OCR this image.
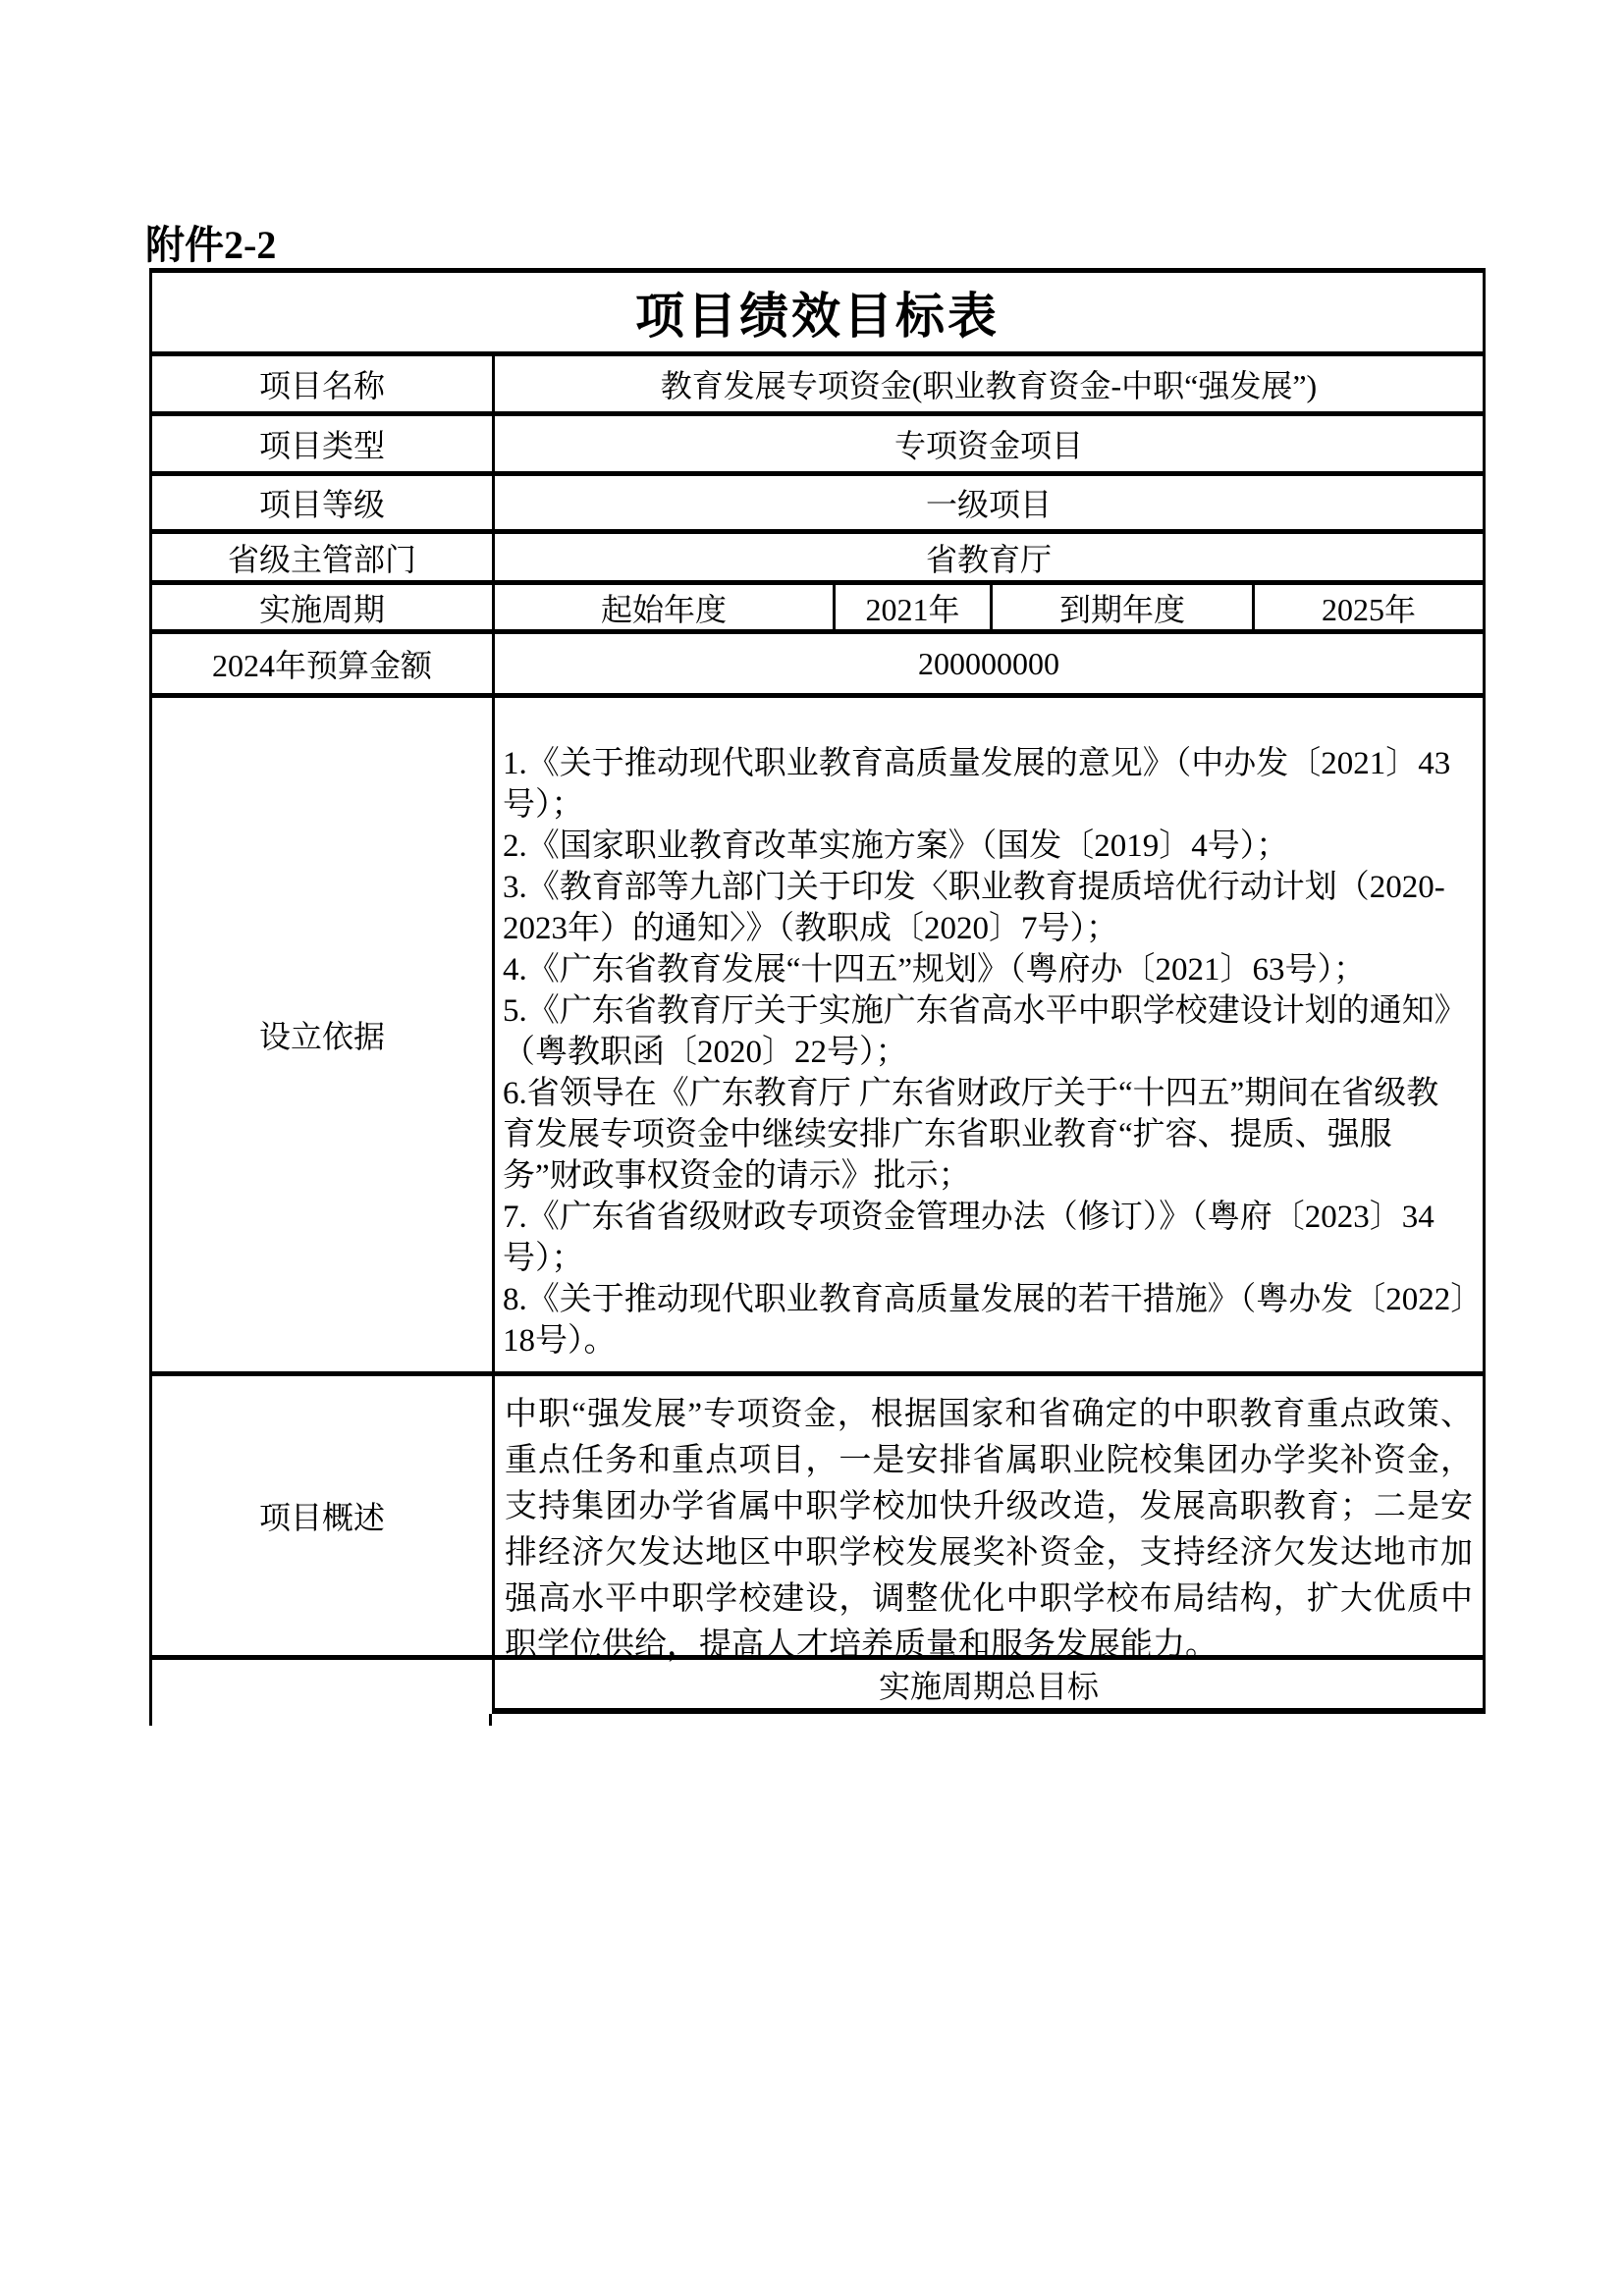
附件2-2
项目绩效目标表
项目名称	教育发展专项资金(职业教育资金-中职“强发展”)
项目类型	专项资金项目
项目等级	一级项目
省级主管部门	省教育厅
实施周期	起始年度	2021年	到期年度	2025年
2024年预算金额	200000000
设立依据
1.《关于推动现代职业教育高质量发展的意见》（中办发〔2021〕43号）；
2.《国家职业教育改革实施方案》（国发〔2019〕4号）；
3.《教育部等九部门关于印发〈职业教育提质培优行动计划（2020-2023年）的通知〉》（教职成〔2020〕7号）；
4.《广东省教育发展“十四五”规划》（粤府办〔2021〕63号）；
5.《广东省教育厅关于实施广东省高水平中职学校建设计划的通知》（粤教职函〔2020〕22号）；
6.省领导在《广东教育厅 广东省财政厅关于“十四五”期间在省级教育发展专项资金中继续安排广东省职业教育“扩容、提质、强服务”财政事权资金的请示》批示；
7.《广东省省级财政专项资金管理办法（修订）》（粤府〔2023〕34号）；
8.《关于推动现代职业教育高质量发展的若干措施》（粤办发〔2022〕18号）。
项目概述
中职“强发展”专项资金，根据国家和省确定的中职教育重点政策、重点任务和重点项目，一是安排省属职业院校集团办学奖补资金，支持集团办学省属中职学校加快升级改造，发展高职教育；二是安排经济欠发达地区中职学校发展奖补资金，支持经济欠发达地市加强高水平中职学校建设，调整优化中职学校布局结构，扩大优质中职学位供给，提高人才培养质量和服务发展能力。
实施周期总目标
